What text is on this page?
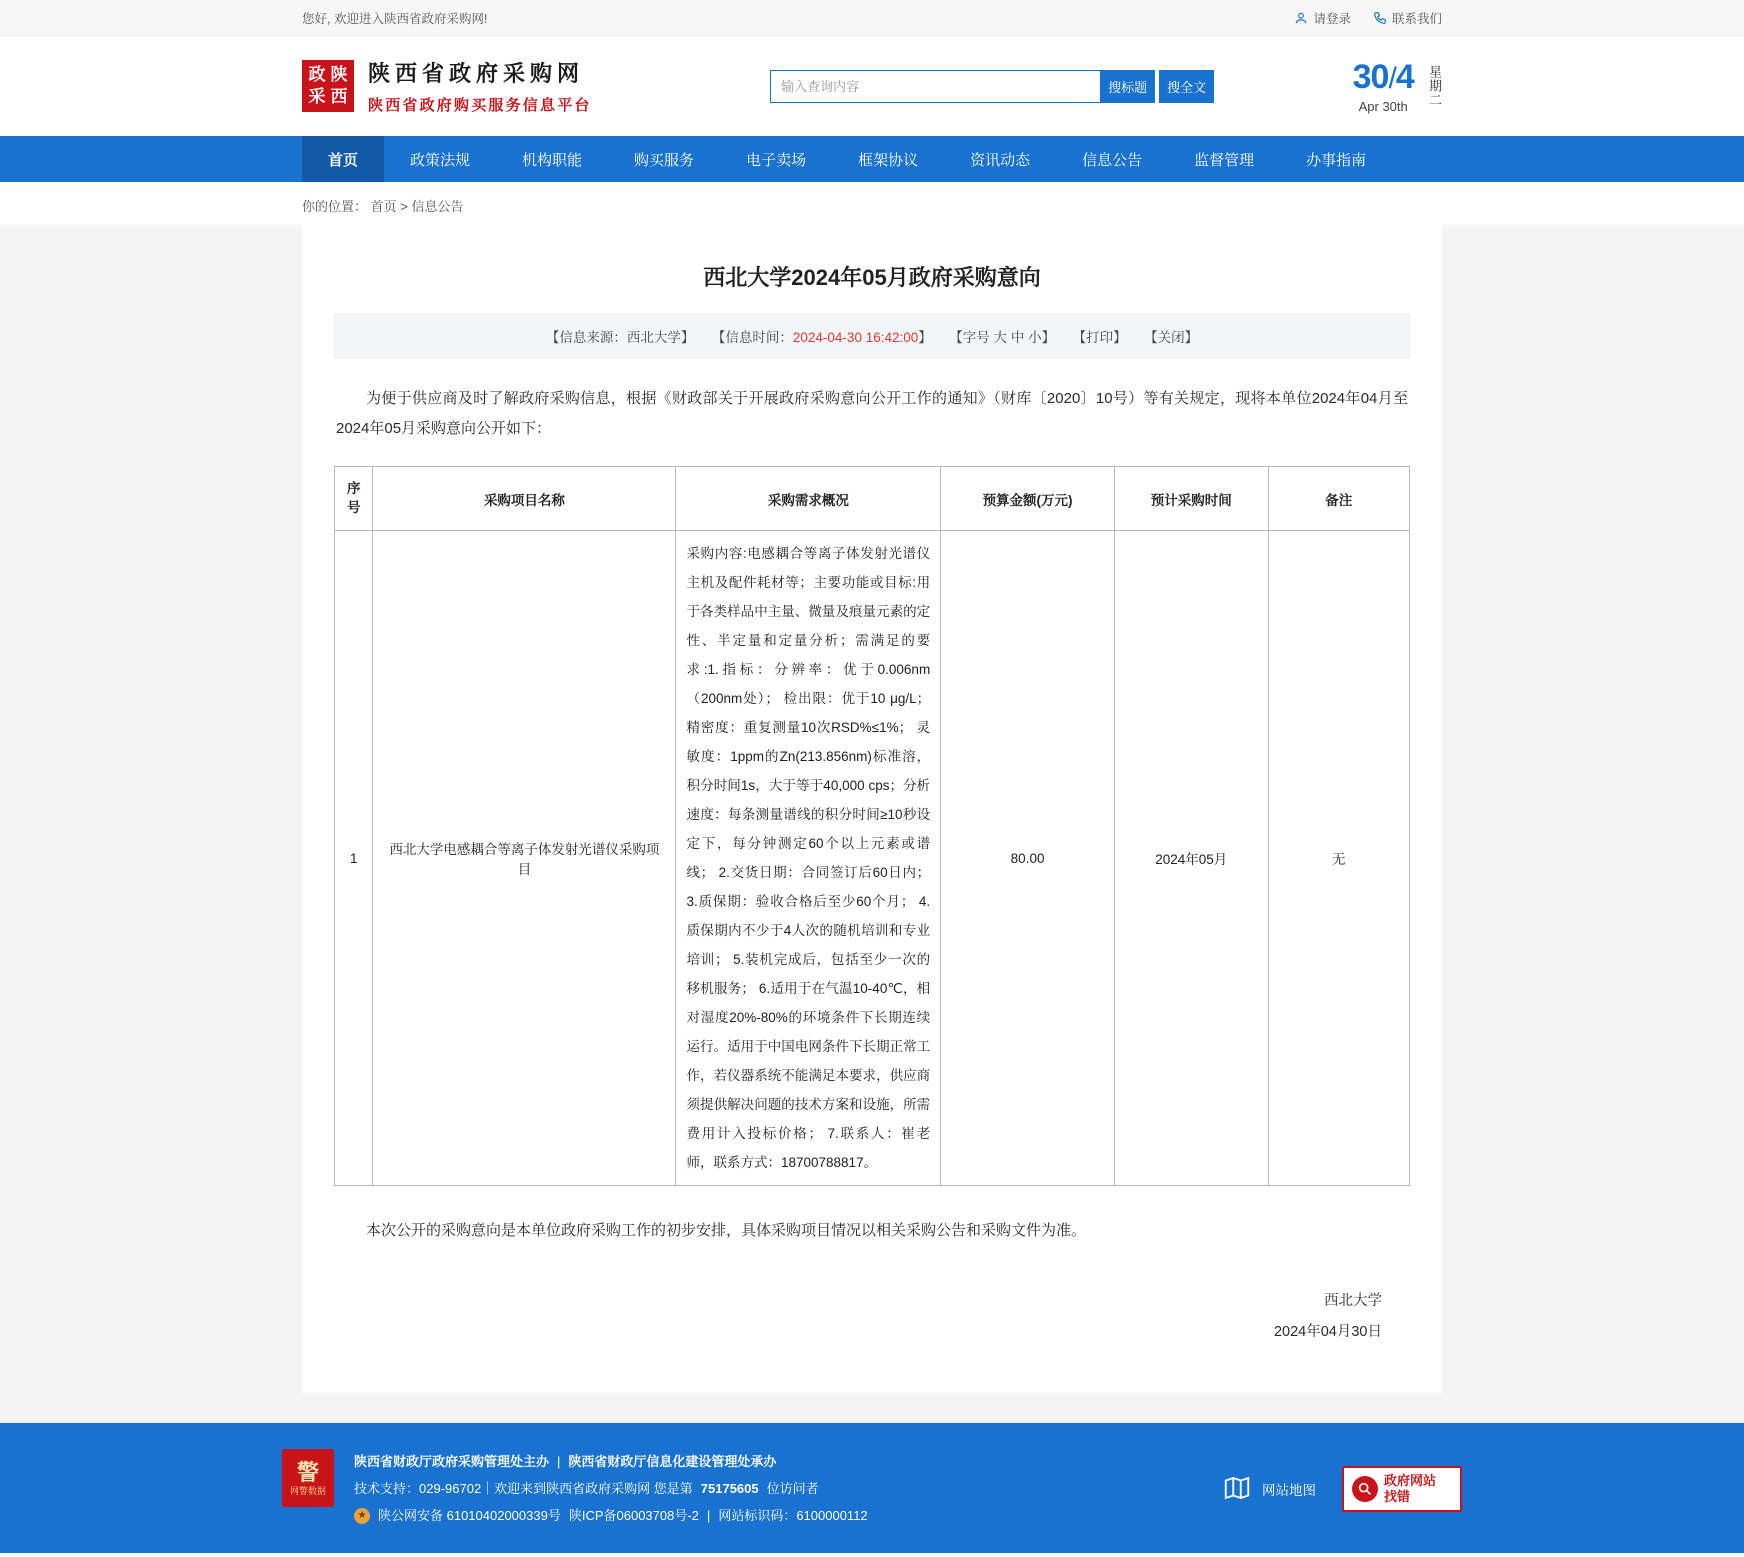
您好, 欢迎进入陕西省政府采购网!	请登录	联系我们
政 陕
采 西
陕西省政府采购网
陕西省政府购买服务信息平台
输入查询内容
搜标题	搜全文	30/4
Apr 30th	星期二
首页	政策法规	机构职能	购买服务	电子卖场	框架协议	资讯动态	信息公告	监督管理	办事指南
你的位置： 首页 > 信息公告
西北大学2024年05月政府采购意向
【信息来源：西北大学】 【信息时间：2024-04-30 16:42:00】 【字号 大 中 小】 【打印】 【关闭】
为便于供应商及时了解政府采购信息，根据《财政部关于开展政府采购意向公开工作的通知》（财库〔2020〕10号）等有关规定，现将本单位2024年04月至2024年05月采购意向公开如下：
序号	采购项目名称	采购需求概况	预算金额(万元)	预计采购时间	备注
1	西北大学电感耦合等离子体发射光谱仪采购项目	采购内容:电感耦合等离子体发射光谱仪主机及配件耗材等；主要功能或目标:用于各类样品中主量、微量及痕量元素的定性、半定量和定量分析；需满足的要求:1.指标：分辨率：优于0.006nm（200nm处）； 检出限：优于10 μg/L；精密度：重复测量10次RSD%≤1%； 灵敏度：1ppm的Zn(213.856nm)标准溶，积分时间1s，大于等于40,000 cps；分析速度：每条测量谱线的积分时间≥10秒设定下，每分钟测定60个以上元素或谱线； 2.交货日期：合同签订后60日内； 3.质保期：验收合格后至少60个月； 4.质保期内不少于4人次的随机培训和专业培训； 5.装机完成后，包括至少一次的移机服务； 6.适用于在气温10-40℃，相对湿度20%-80%的环境条件下长期连续运行。适用于中国电网条件下长期正常工作，若仪器系统不能满足本要求，供应商须提供解决问题的技术方案和设施，所需费用计入投标价格； 7.联系人：崔老师，联系方式：18700788817。	80.00	2024年05月	无
本次公开的采购意向是本单位政府采购工作的初步安排，具体采购项目情况以相关采购公告和采购文件为准。
西北大学
2024年04月30日
警
网警数据
陕西省财政厅政府采购管理处主办 | 陕西省财政厅信息化建设管理处承办
技术支持：029-96702｜欢迎来到陕西省政府采购网 您是第 75175605 位访问者
★ 陕公网安备 61010402000339号 陕ICP备06003708号-2 | 网站标识码：6100000112
网站地图
政府网站
找错
